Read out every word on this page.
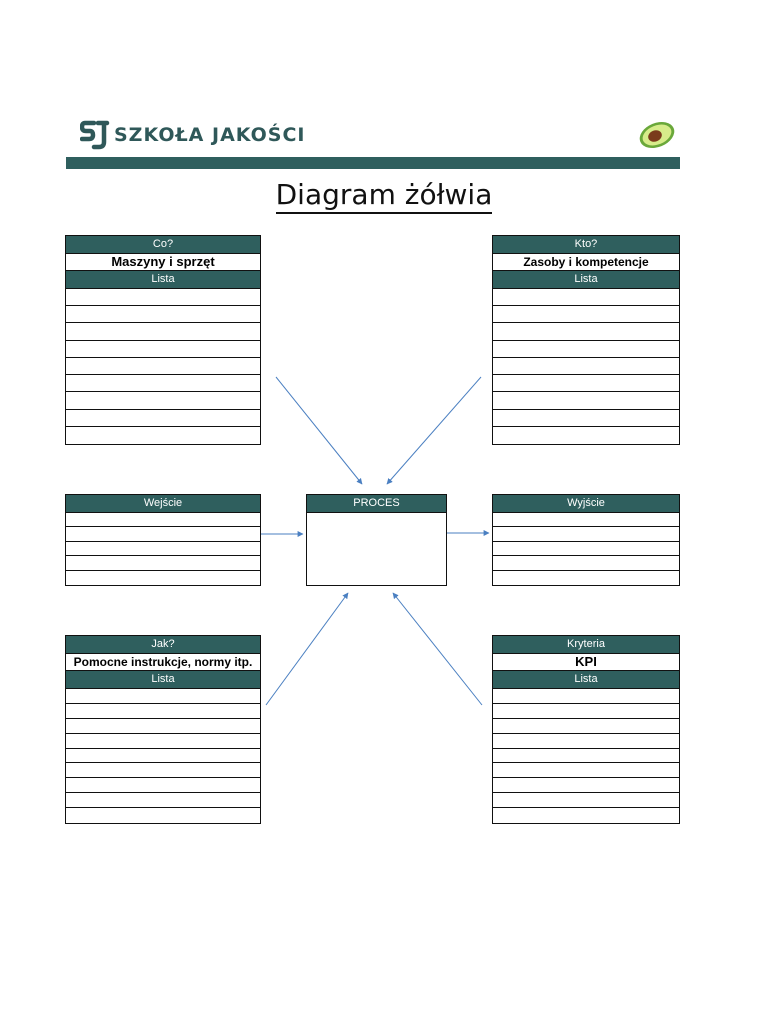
SZKOŁA JAKOŚCI
Diagram żółwia
Co?
Maszyny i sprzęt
Lista
Kto?
Zasoby i kompetencje
Lista
Wejście	PROCES	Wyjście
Jak?
Pomocne instrukcje, normy itp.
Lista
Kryteria
KPI
Lista
